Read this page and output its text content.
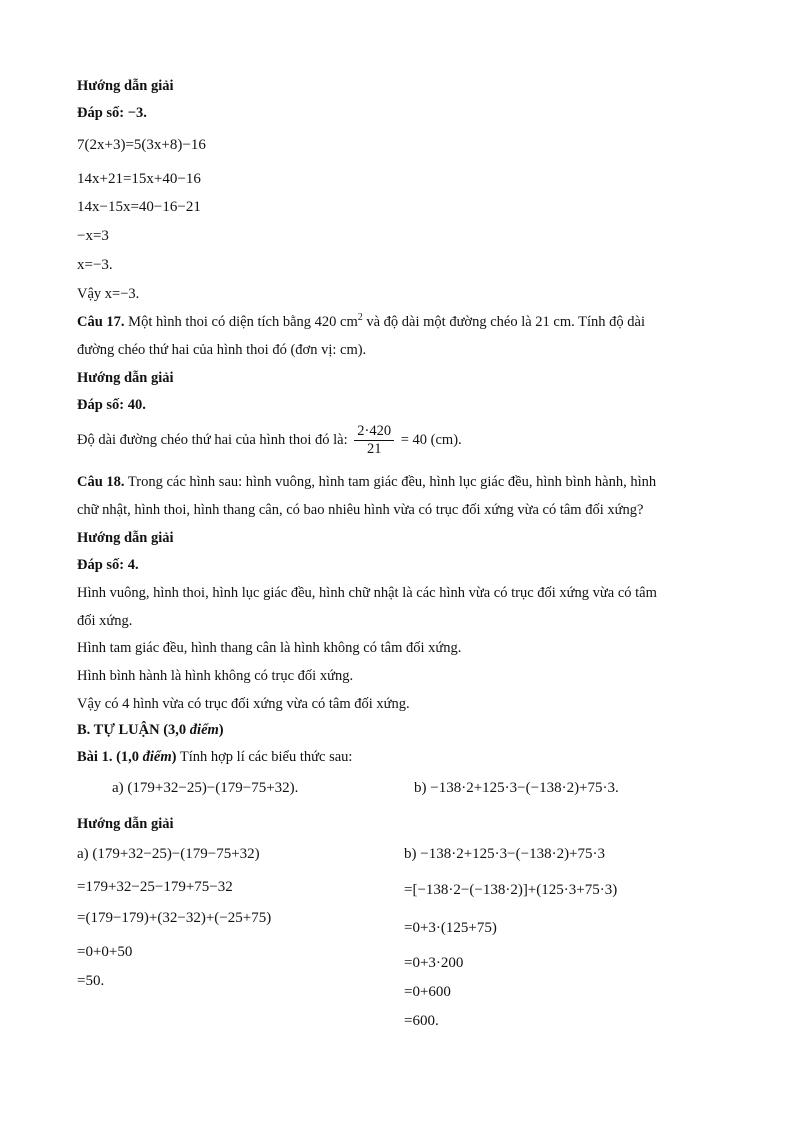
Hướng dẫn giải
Đáp số: −3.
7(2x+3)=5(3x+8)−16
14x+21=15x+40−16
14x−15x=40−16−21
−x=3
x=−3.
Vậy x=−3.
Câu 17. Một hình thoi có diện tích bằng 420 $cm^2$ và độ dài một đường chéo là 21 cm. Tính độ dài
đường chéo thứ hai của hình thoi đó (đơn vị: cm).
Hướng dẫn giải
Đáp số: 40.
Độ dài đường chéo thứ hai của hình thoi đó là: $\frac{2\cdot 420}{21} = 40$ (cm).
Câu 18. Trong các hình sau: hình vuông, hình tam giác đều, hình lục giác đều, hình bình hành, hình
chữ nhật, hình thoi, hình thang cân, có bao nhiêu hình vừa có trục đối xứng vừa có tâm đối xứng?
Hướng dẫn giải
Đáp số: 4.
Hình vuông, hình thoi, hình lục giác đều, hình chữ nhật là các hình vừa có trục đối xứng vừa có tâm
đối xứng.
Hình tam giác đều, hình thang cân là hình không có tâm đối xứng.
Hình bình hành là hình không có trục đối xứng.
Vậy có 4 hình vừa có trục đối xứng vừa có tâm đối xứng.
B. TỰ LUẬN (3,0 điểm)
Bài 1. (1,0 điểm) Tính hợp lí các biểu thức sau:
a) (179+32−25)−(179−75+32).	b) −138·2+125·3−(−138·2)+75·3.
Hướng dẫn giải
a) (179+32−25)−(179−75+32)
=179+32−25−179+75−32
=(179−179)+(32−32)+(−25+75)
=0+0+50
=50.
b) −138·2+125·3−(−138·2)+75·3
=[−138·2−(−138·2)]+(125·3+75·3)
=0+3·(125+75)
=0+3·200
=0+600
=600.
